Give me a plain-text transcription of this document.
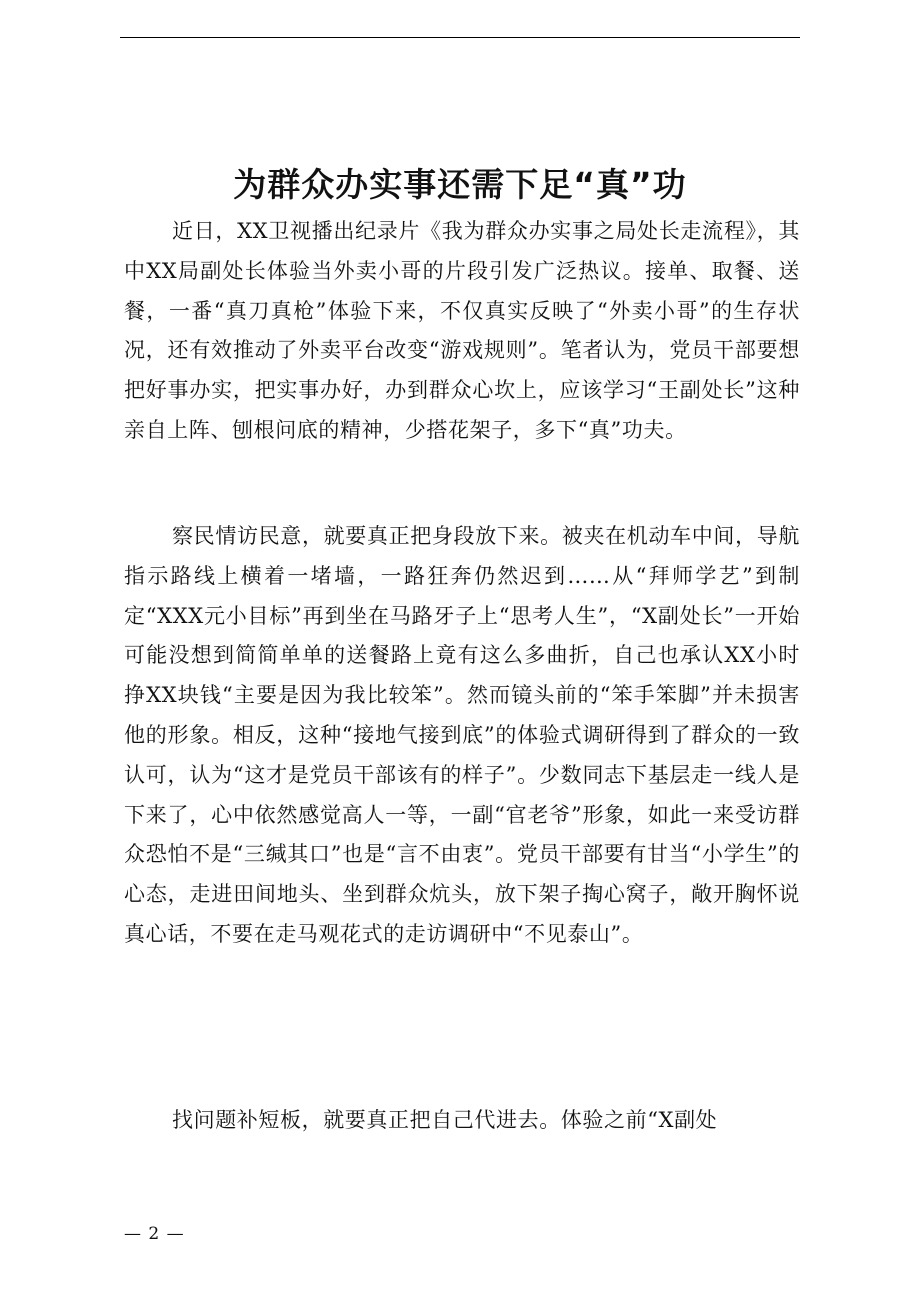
为群众办实事还需下足“真”功

近日，XX卫视播出纪录片《我为群众办实事之局处长走流程》，其中XX局副处长体验当外卖小哥的片段引发广泛热议。接单、取餐、送餐，一番“真刀真枪”体验下来，不仅真实反映了“外卖小哥”的生存状况，还有效推动了外卖平台改变“游戏规则”。笔者认为，党员干部要想把好事办实，把实事办好，办到群众心坎上，应该学习“王副处长”这种亲自上阵、刨根问底的精神，少搭花架子，多下“真”功夫。

察民情访民意，就要真正把身段放下来。被夹在机动车中间，导航指示路线上横着一堵墙，一路狂奔仍然迟到……从“拜师学艺”到制定“XXX元小目标”再到坐在马路牙子上“思考人生”，“X副处长”一开始可能没想到简简单单的送餐路上竟有这么多曲折，自己也承认XX小时挣XX块钱“主要是因为我比较笨”。然而镜头前的“笨手笨脚”并未损害他的形象。相反，这种“接地气接到底”的体验式调研得到了群众的一致认可，认为“这才是党员干部该有的样子”。少数同志下基层走一线人是下来了，心中依然感觉高人一等，一副“官老爷”形象，如此一来受访群众恐怕不是“三缄其口”也是“言不由衷”。党员干部要有甘当“小学生”的心态，走进田间地头、坐到群众炕头，放下架子掏心窝子，敞开胸怀说真心话，不要在走马观花式的走访调研中“不见泰山”。

找问题补短板，就要真正把自己代进去。体验之前“X副处

— 2 —
